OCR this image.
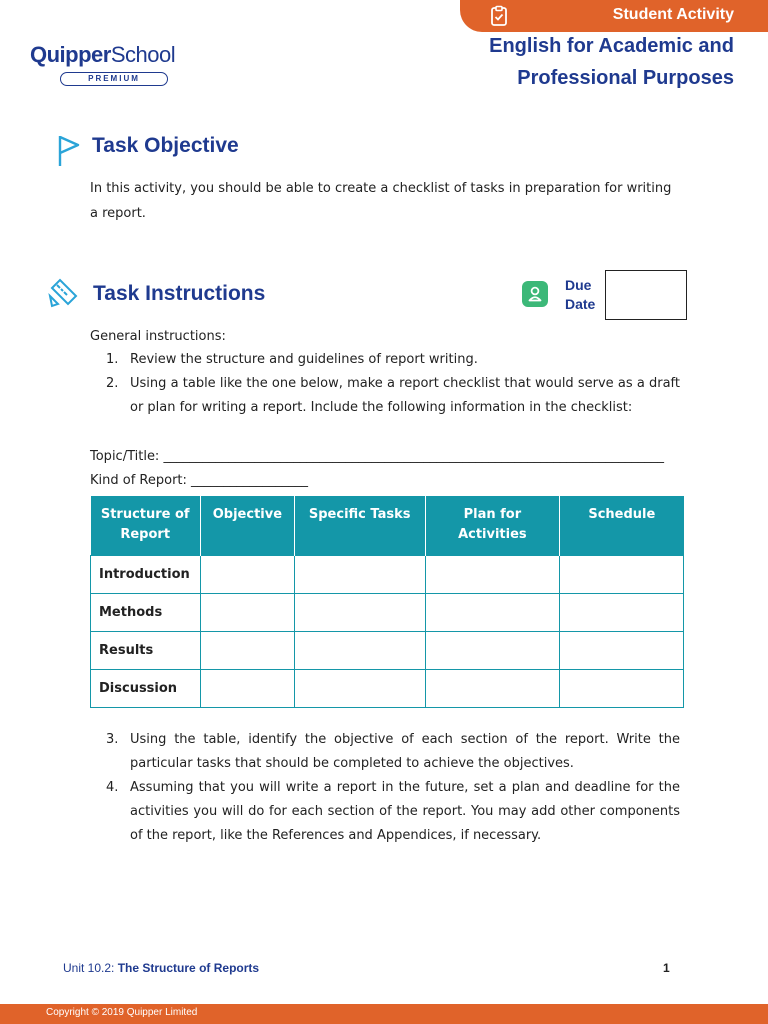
Student Activity
QuipperSchool
PREMIUM
English for Academic and
Professional Purposes
Task Objective
In this activity, you should be able to create a checklist of tasks in preparation for writing a report.
Task Instructions	Due
Date
General instructions:
1. Review the structure and guidelines of report writing.
2. Using a table like the one below, make a report checklist that would serve as a draft or plan for writing a report. Include the following information in the checklist:
Topic/Title: _____________________________________________________________________________
Kind of Report: __________________
Structure of Report	Objective	Specific Tasks	Plan for Activities	Schedule
Introduction				
Methods				
Results				
Discussion				
3. Using the table, identify the objective of each section of the report. Write the particular tasks that should be completed to achieve the objectives.
4. Assuming that you will write a report in the future, set a plan and deadline for the activities you will do for each section of the report. You may add other components of the report, like the References and Appendices, if necessary.
Unit 10.2: The Structure of Reports	1
Copyright © 2019 Quipper Limited
